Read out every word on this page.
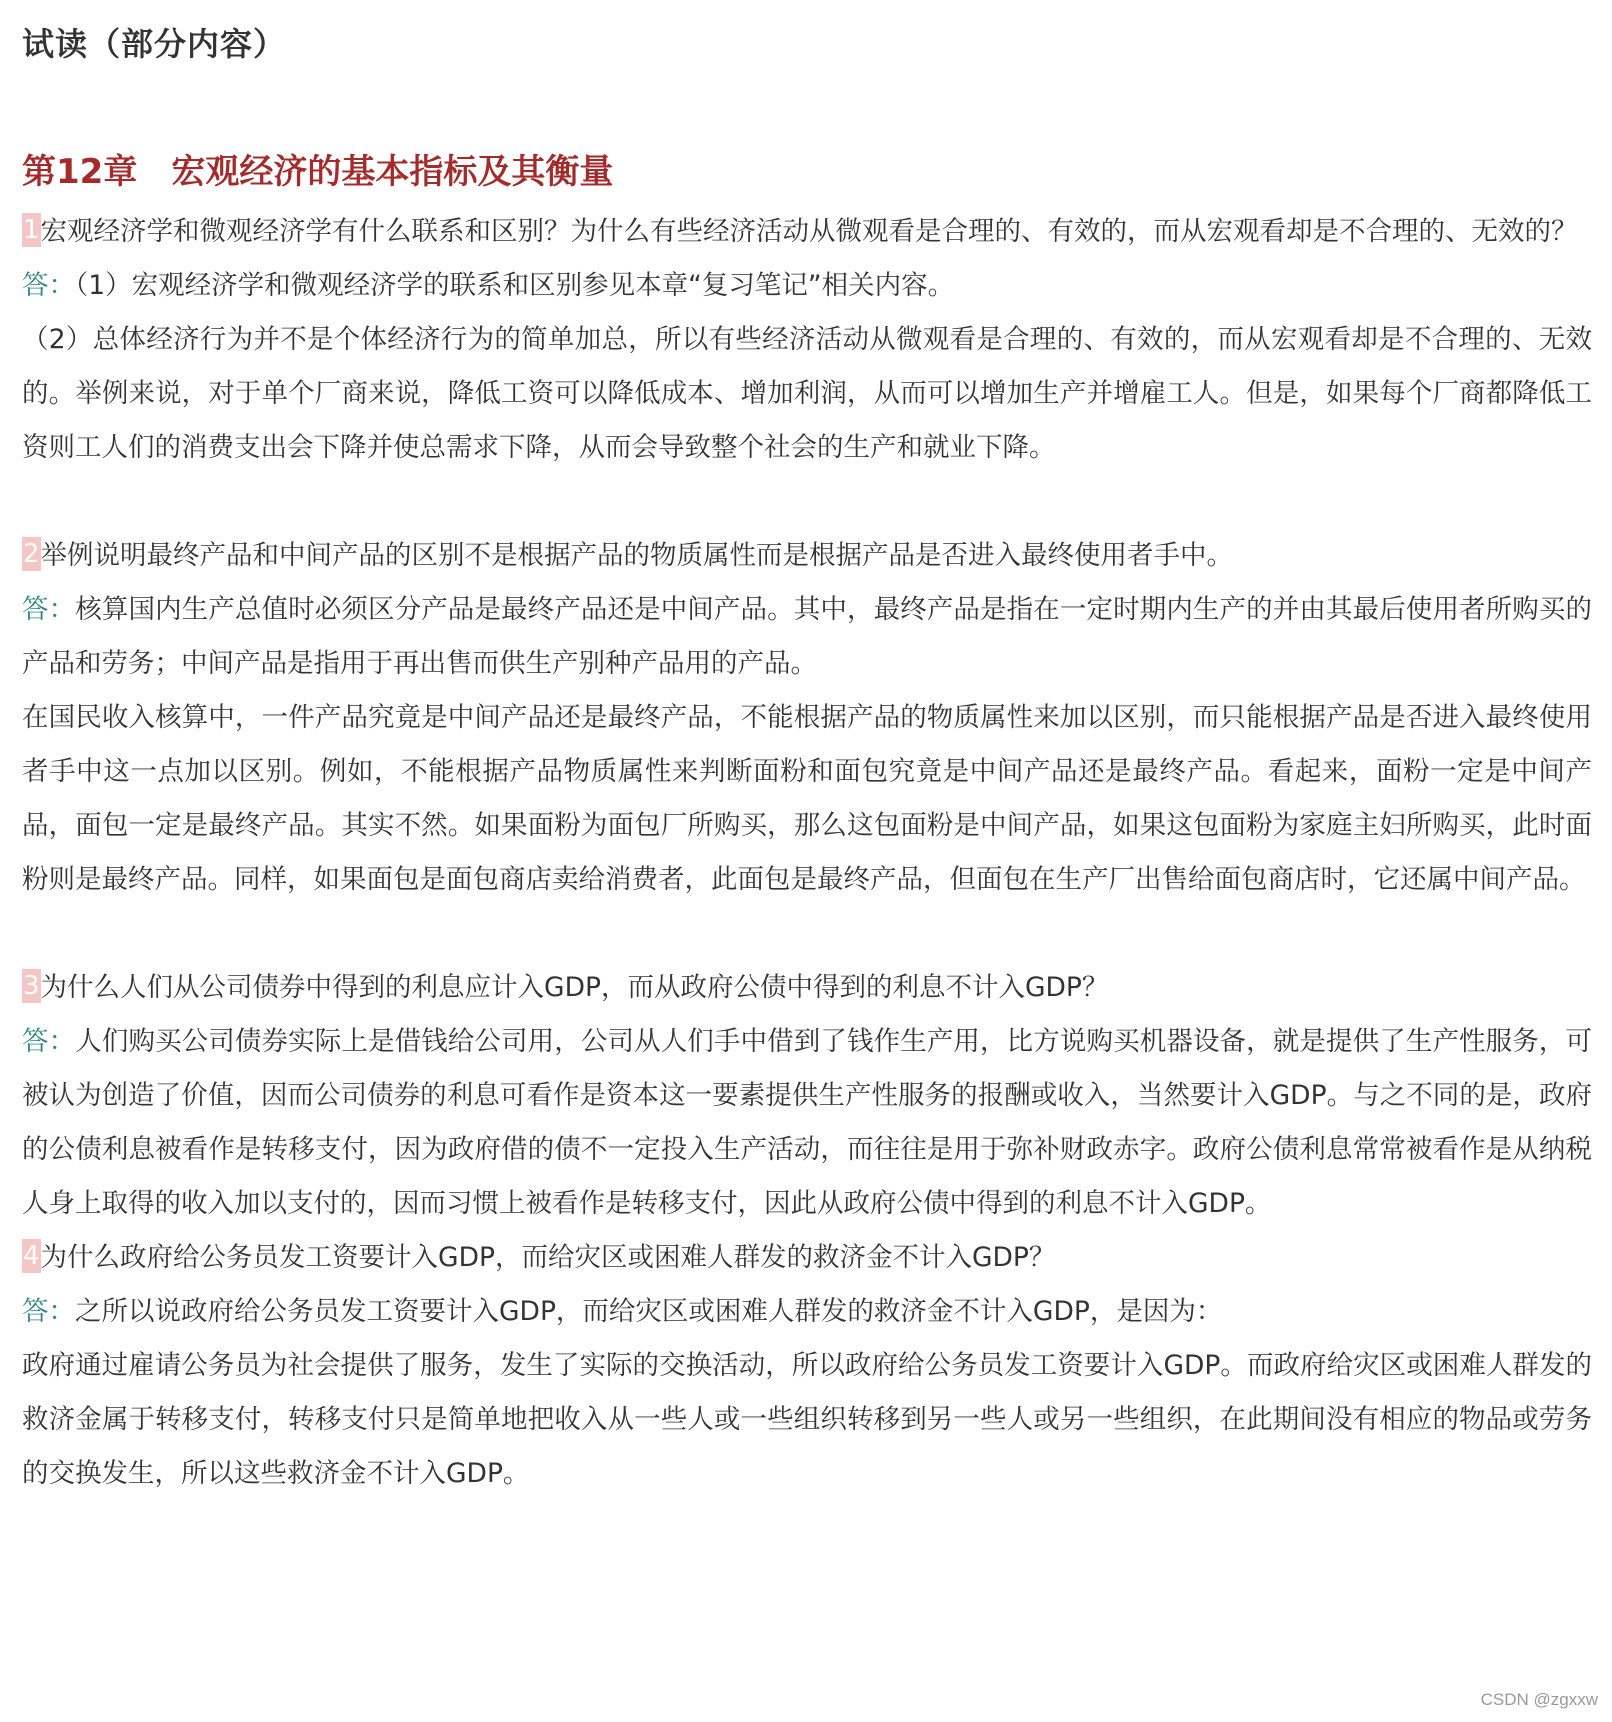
试读（部分内容）
第12章　宏观经济的基本指标及其衡量

1宏观经济学和微观经济学有什么联系和区别？为什么有些经济活动从微观看是合理的、有效的，而从宏观看却是不合理的、无效的？

答：（1）宏观经济学和微观经济学的联系和区别参见本章“复习笔记”相关内容。

（2）总体经济行为并不是个体经济行为的简单加总，所以有些经济活动从微观看是合理的、有效的，而从宏观看却是不合理的、无效的。举例来说，对于单个厂商来说，降低工资可以降低成本、增加利润，从而可以增加生产并增雇工人。但是，如果每个厂商都降低工资则工人们的消费支出会下降并使总需求下降，从而会导致整个社会的生产和就业下降。

2举例说明最终产品和中间产品的区别不是根据产品的物质属性而是根据产品是否进入最终使用者手中。

答：核算国内生产总值时必须区分产品是最终产品还是中间产品。其中，最终产品是指在一定时期内生产的并由其最后使用者所购买的产品和劳务；中间产品是指用于再出售而供生产别种产品用的产品。

在国民收入核算中，一件产品究竟是中间产品还是最终产品，不能根据产品的物质属性来加以区别，而只能根据产品是否进入最终使用者手中这一点加以区别。例如，不能根据产品物质属性来判断面粉和面包究竟是中间产品还是最终产品。看起来，面粉一定是中间产品，面包一定是最终产品。其实不然。如果面粉为面包厂所购买，那么这包面粉是中间产品，如果这包面粉为家庭主妇所购买，此时面粉则是最终产品。同样，如果面包是面包商店卖给消费者，此面包是最终产品，但面包在生产厂出售给面包商店时，它还属中间产品。

3为什么人们从公司债券中得到的利息应计入GDP，而从政府公债中得到的利息不计入GDP？

答：人们购买公司债券实际上是借钱给公司用，公司从人们手中借到了钱作生产用，比方说购买机器设备，就是提供了生产性服务，可被认为创造了价值，因而公司债券的利息可看作是资本这一要素提供生产性服务的报酬或收入，当然要计入GDP。与之不同的是，政府的公债利息被看作是转移支付，因为政府借的债不一定投入生产活动，而往往是用于弥补财政赤字。政府公债利息常常被看作是从纳税人身上取得的收入加以支付的，因而习惯上被看作是转移支付，因此从政府公债中得到的利息不计入GDP。

4为什么政府给公务员发工资要计入GDP，而给灾区或困难人群发的救济金不计入GDP？

答：之所以说政府给公务员发工资要计入GDP，而给灾区或困难人群发的救济金不计入GDP，是因为：

政府通过雇请公务员为社会提供了服务，发生了实际的交换活动，所以政府给公务员发工资要计入GDP。而政府给灾区或困难人群发的救济金属于转移支付，转移支付只是简单地把收入从一些人或一些组织转移到另一些人或另一些组织，在此期间没有相应的物品或劳务的交换发生，所以这些救济金不计入GDP。

CSDN @zgxxw
